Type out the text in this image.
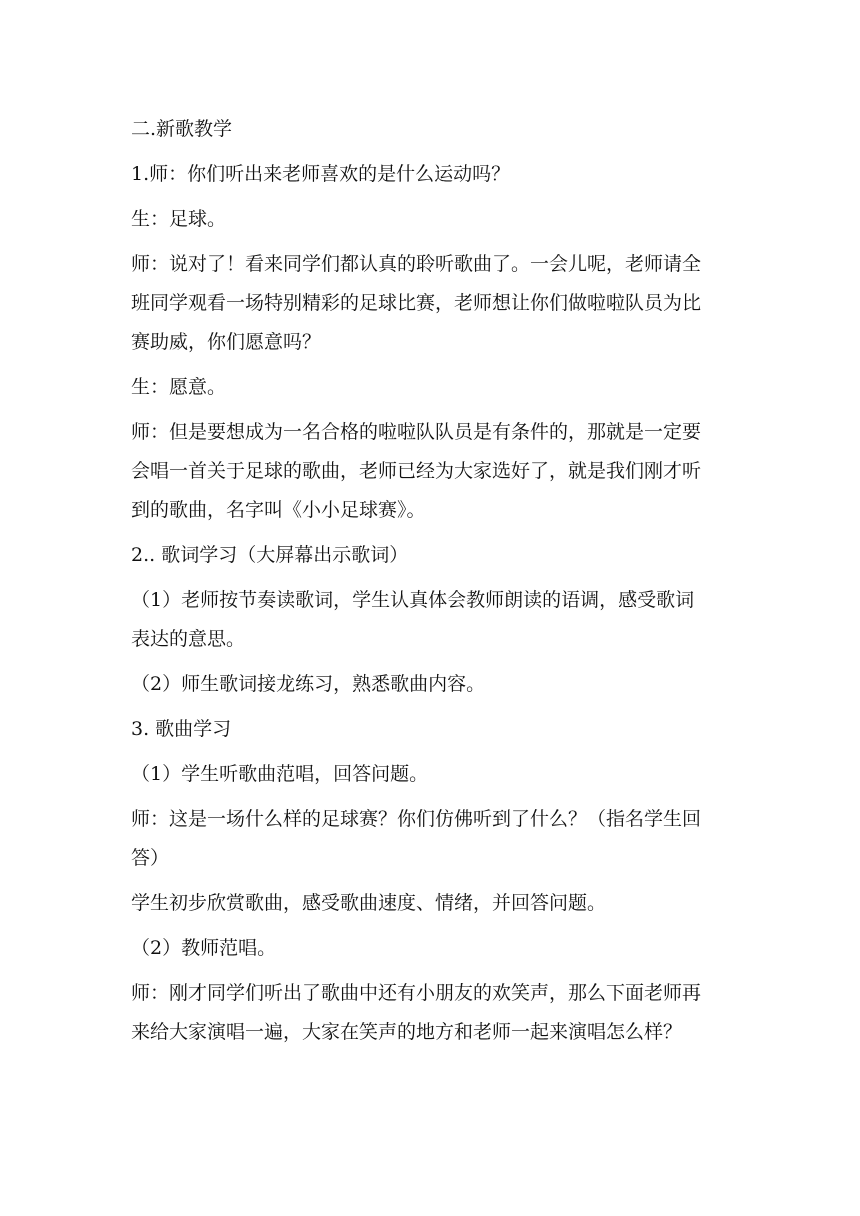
二.新歌教学

1.师：你们听出来老师喜欢的是什么运动吗？

生：足球。

师：说对了！看来同学们都认真的聆听歌曲了。一会儿呢，老师请全
班同学观看一场特别精彩的足球比赛，老师想让你们做啦啦队员为比
赛助威，你们愿意吗？

生：愿意。

师：但是要想成为一名合格的啦啦队队员是有条件的，那就是一定要
会唱一首关于足球的歌曲，老师已经为大家选好了，就是我们刚才听
到的歌曲，名字叫《小小足球赛》。

2.. 歌词学习（大屏幕出示歌词）

（1）老师按节奏读歌词，学生认真体会教师朗读的语调，感受歌词
表达的意思。

（2）师生歌词接龙练习，熟悉歌曲内容。

3. 歌曲学习

（1）学生听歌曲范唱，回答问题。

师：这是一场什么样的足球赛？你们仿佛听到了什么？（指名学生回
答）

学生初步欣赏歌曲，感受歌曲速度、情绪，并回答问题。

（2）教师范唱。

师：刚才同学们听出了歌曲中还有小朋友的欢笑声，那么下面老师再
来给大家演唱一遍，大家在笑声的地方和老师一起来演唱怎么样？
